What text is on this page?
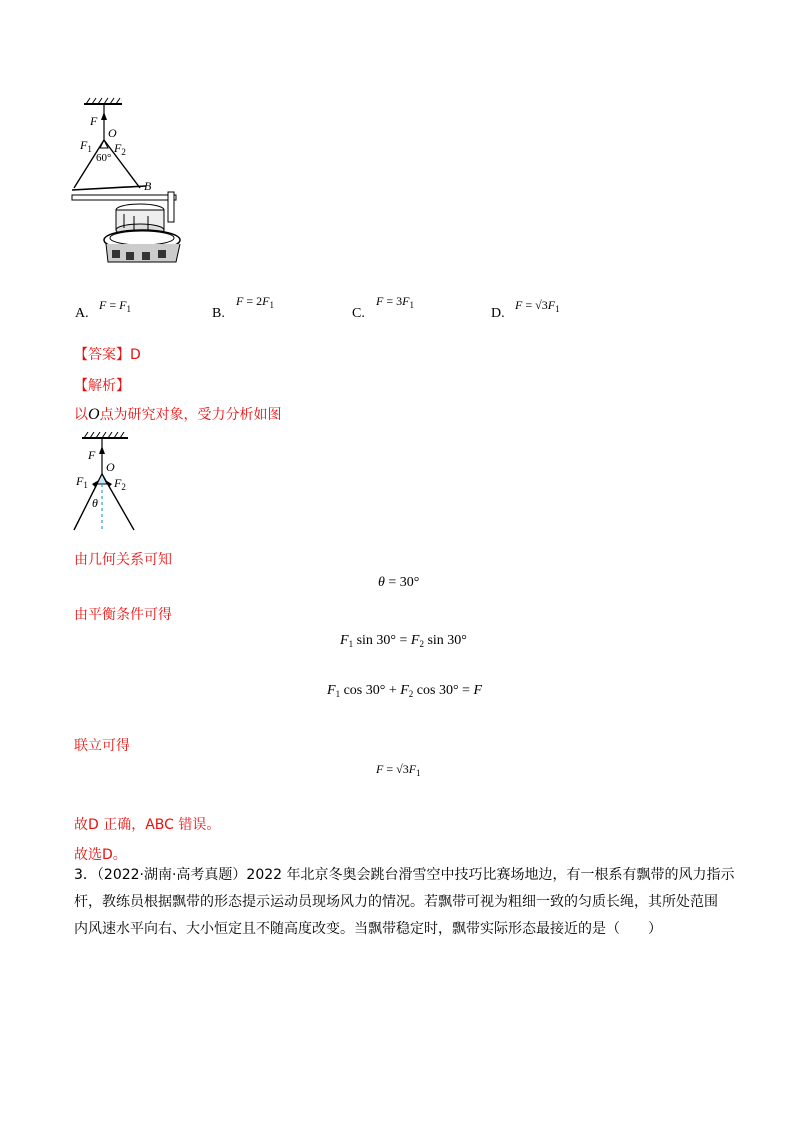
F
O
$F_1$ $F_2$
60°
B
A.
$F = F_1$	B.
$F = 2F_1$
C.
$F = 3F_1$
D.
$F = √3F_1$
【答案】D
【解析】
以O点为研究对象，受力分析如图
F
O
$F_1$ $F_2$
θ
由几何关系可知
θ = 30°
由平衡条件可得
$F_1$ $\sin 30^\circ = F_2$ sin 30°
$F_1$ $\cos 30^\circ + F_2$ cos 30° = F
联立可得
$F = √3F_1$
故D 正确，ABC 错误。
故选D。
3．（2022·湖南·高考真题）2022 年北京冬奥会跳台滑雪空中技巧比赛场地边，有一根系有飘带的风力指示
杆，教练员根据飘带的形态提示运动员现场风力的情况。若飘带可视为粗细一致的匀质长绳，其所处范围
内风速水平向右、大小恒定且不随高度改变。当飘带稳定时，飘带实际形态最接近的是（　　）
